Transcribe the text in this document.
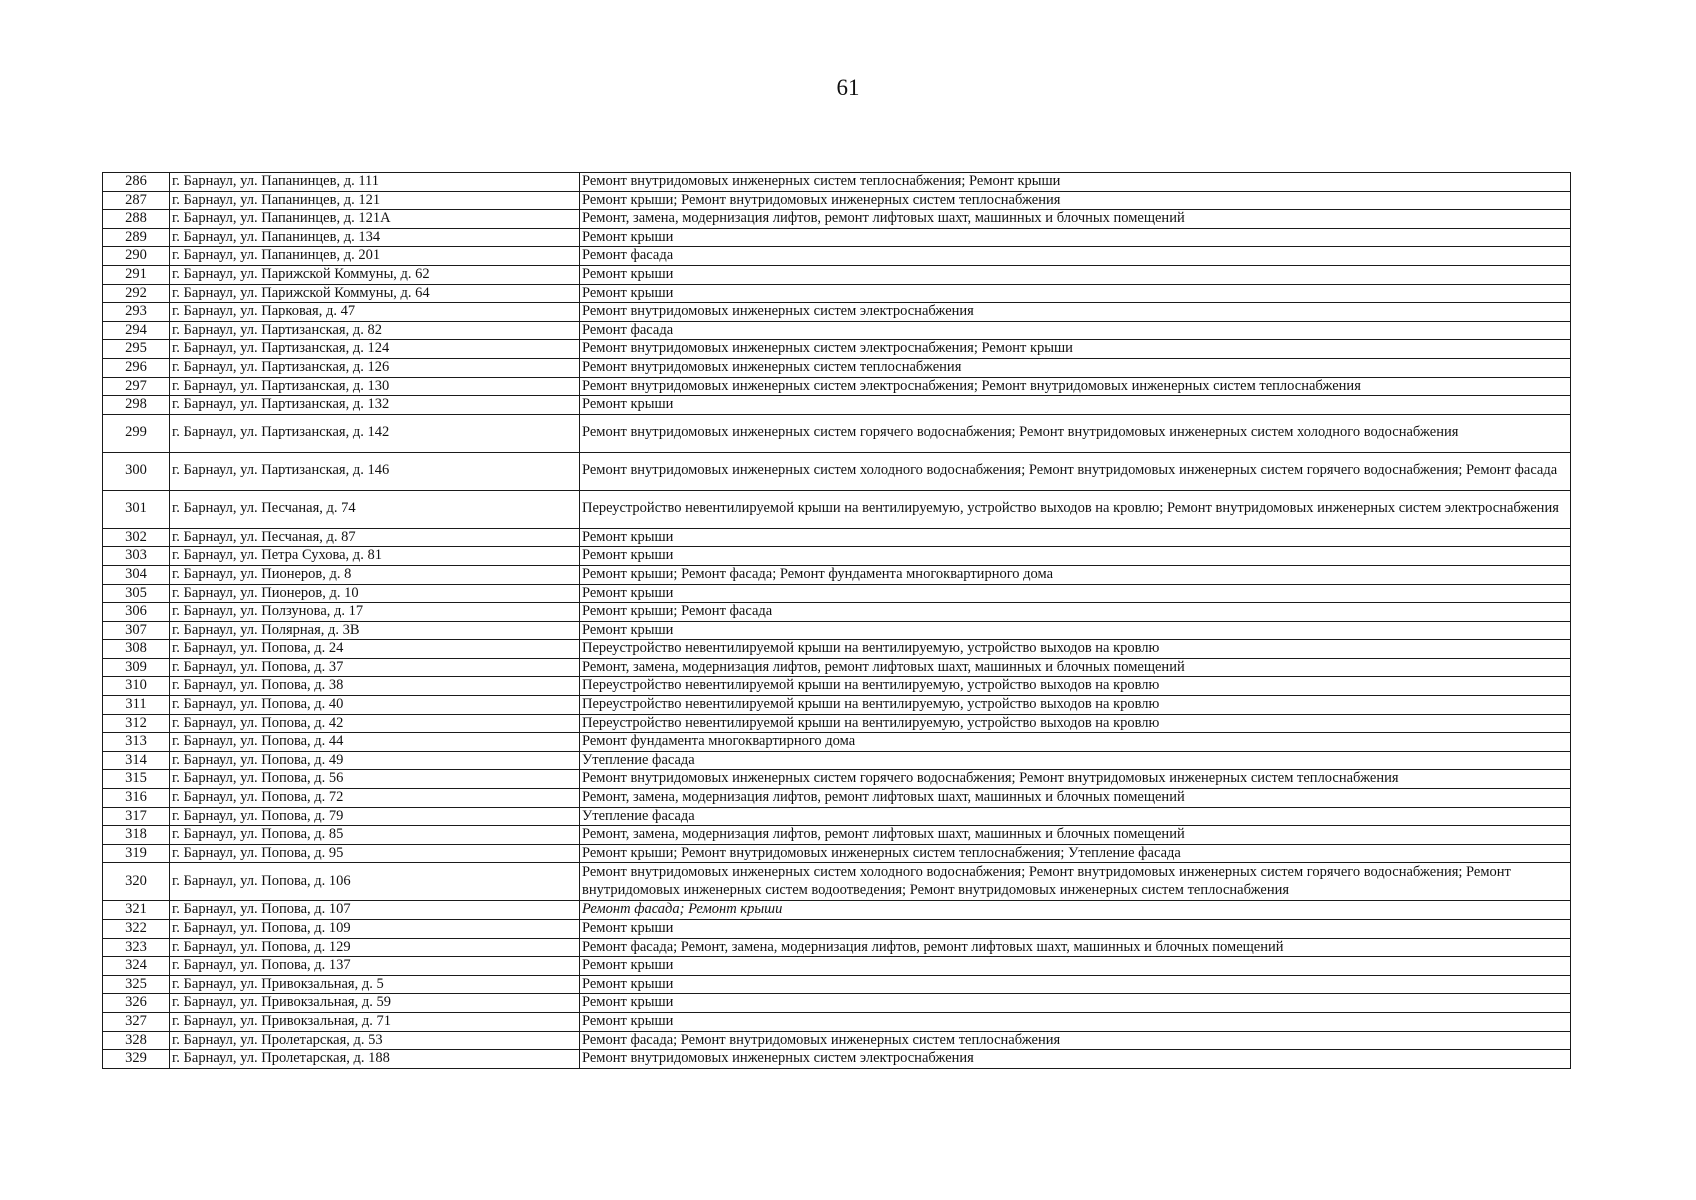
61
286	г. Барнаул, ул. Папанинцев, д. 111	Ремонт внутридомовых инженерных систем теплоснабжения; Ремонт крыши
287	г. Барнаул, ул. Папанинцев, д. 121	Ремонт крыши; Ремонт внутридомовых инженерных систем теплоснабжения
288	г. Барнаул, ул. Папанинцев, д. 121А	Ремонт, замена, модернизация лифтов, ремонт лифтовых шахт, машинных и блочных помещений
289	г. Барнаул, ул. Папанинцев, д. 134	Ремонт крыши
290	г. Барнаул, ул. Папанинцев, д. 201	Ремонт фасада
291	г. Барнаул, ул. Парижской Коммуны, д. 62	Ремонт крыши
292	г. Барнаул, ул. Парижской Коммуны, д. 64	Ремонт крыши
293	г. Барнаул, ул. Парковая, д. 47	Ремонт внутридомовых инженерных систем электроснабжения
294	г. Барнаул, ул. Партизанская, д. 82	Ремонт фасада
295	г. Барнаул, ул. Партизанская, д. 124	Ремонт внутридомовых инженерных систем электроснабжения; Ремонт крыши
296	г. Барнаул, ул. Партизанская, д. 126	Ремонт внутридомовых инженерных систем теплоснабжения
297	г. Барнаул, ул. Партизанская, д. 130	Ремонт внутридомовых инженерных систем электроснабжения; Ремонт внутридомовых инженерных систем теплоснабжения
298	г. Барнаул, ул. Партизанская, д. 132	Ремонт крыши
299	г. Барнаул, ул. Партизанская, д. 142	Ремонт внутридомовых инженерных систем горячего водоснабжения; Ремонт внутридомовых инженерных систем холодного водоснабжения
300	г. Барнаул, ул. Партизанская, д. 146	Ремонт внутридомовых инженерных систем холодного водоснабжения; Ремонт внутридомовых инженерных систем горячего водоснабжения; Ремонт фасада
301	г. Барнаул, ул. Песчаная, д. 74	Переустройство невентилируемой крыши на вентилируемую, устройство выходов на кровлю; Ремонт внутридомовых инженерных систем электроснабжения
302	г. Барнаул, ул. Песчаная, д. 87	Ремонт крыши
303	г. Барнаул, ул. Петра Сухова, д. 81	Ремонт крыши
304	г. Барнаул, ул. Пионеров, д. 8	Ремонт крыши; Ремонт фасада; Ремонт фундамента многоквартирного дома
305	г. Барнаул, ул. Пионеров, д. 10	Ремонт крыши
306	г. Барнаул, ул. Ползунова, д. 17	Ремонт крыши; Ремонт фасада
307	г. Барнаул, ул. Полярная, д. 3В	Ремонт крыши
308	г. Барнаул, ул. Попова, д. 24	Переустройство невентилируемой крыши на вентилируемую, устройство выходов на кровлю
309	г. Барнаул, ул. Попова, д. 37	Ремонт, замена, модернизация лифтов, ремонт лифтовых шахт, машинных и блочных помещений
310	г. Барнаул, ул. Попова, д. 38	Переустройство невентилируемой крыши на вентилируемую, устройство выходов на кровлю
311	г. Барнаул, ул. Попова, д. 40	Переустройство невентилируемой крыши на вентилируемую, устройство выходов на кровлю
312	г. Барнаул, ул. Попова, д. 42	Переустройство невентилируемой крыши на вентилируемую, устройство выходов на кровлю
313	г. Барнаул, ул. Попова, д. 44	Ремонт фундамента многоквартирного дома
314	г. Барнаул, ул. Попова, д. 49	Утепление фасада
315	г. Барнаул, ул. Попова, д. 56	Ремонт внутридомовых инженерных систем горячего водоснабжения; Ремонт внутридомовых инженерных систем теплоснабжения
316	г. Барнаул, ул. Попова, д. 72	Ремонт, замена, модернизация лифтов, ремонт лифтовых шахт, машинных и блочных помещений
317	г. Барнаул, ул. Попова, д. 79	Утепление фасада
318	г. Барнаул, ул. Попова, д. 85	Ремонт, замена, модернизация лифтов, ремонт лифтовых шахт, машинных и блочных помещений
319	г. Барнаул, ул. Попова, д. 95	Ремонт крыши; Ремонт внутридомовых инженерных систем теплоснабжения; Утепление фасада
320	г. Барнаул, ул. Попова, д. 106	Ремонт внутридомовых инженерных систем холодного водоснабжения; Ремонт внутридомовых инженерных систем горячего водоснабжения; Ремонт внутридомовых инженерных систем водоотведения; Ремонт внутридомовых инженерных систем теплоснабжения
321	г. Барнаул, ул. Попова, д. 107	Ремонт фасада; Ремонт крыши
322	г. Барнаул, ул. Попова, д. 109	Ремонт крыши
323	г. Барнаул, ул. Попова, д. 129	Ремонт фасада; Ремонт, замена, модернизация лифтов, ремонт лифтовых шахт, машинных и блочных помещений
324	г. Барнаул, ул. Попова, д. 137	Ремонт крыши
325	г. Барнаул, ул. Привокзальная, д. 5	Ремонт крыши
326	г. Барнаул, ул. Привокзальная, д. 59	Ремонт крыши
327	г. Барнаул, ул. Привокзальная, д. 71	Ремонт крыши
328	г. Барнаул, ул. Пролетарская, д. 53	Ремонт фасада; Ремонт внутридомовых инженерных систем теплоснабжения
329	г. Барнаул, ул. Пролетарская, д. 188	Ремонт внутридомовых инженерных систем электроснабжения
